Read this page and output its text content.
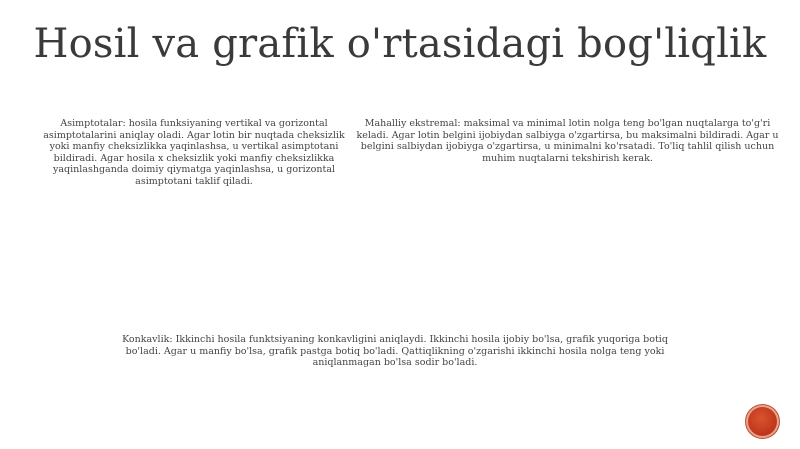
Hosil va grafik o'rtasidagi bog'liqlik
Asimptotalar: hosila funksiyaning vertikal va gorizontal asimptotalarini aniqlay oladi. Agar lotin bir nuqtada cheksizlik yoki manfiy cheksizlikka yaqinlashsa, u vertikal asimptotani bildiradi. Agar hosila x cheksizlik yoki manfiy cheksizlikka yaqinlashganda doimiy qiymatga yaqinlashsa, u gorizontal asimptotani taklif qiladi.
Mahalliy ekstremal: maksimal va minimal lotin nolga teng bo'lgan nuqtalarga to'g'ri keladi. Agar lotin belgini ijobiydan salbiyga o'zgartirsa, bu maksimalni bildiradi. Agar u belgini salbiydan ijobiyga o'zgartirsa, u minimalni ko'rsatadi. To'liq tahlil qilish uchun muhim nuqtalarni tekshirish kerak.
Konkavlik: Ikkinchi hosila funktsiyaning konkavligini aniqlaydi. Ikkinchi hosila ijobiy bo'lsa, grafik yuqoriga botiq bo'ladi. Agar u manfiy bo'lsa, grafik pastga botiq bo'ladi. Qattiqlikning o'zgarishi ikkinchi hosila nolga teng yoki aniqlanmagan bo'lsa sodir bo'ladi.
